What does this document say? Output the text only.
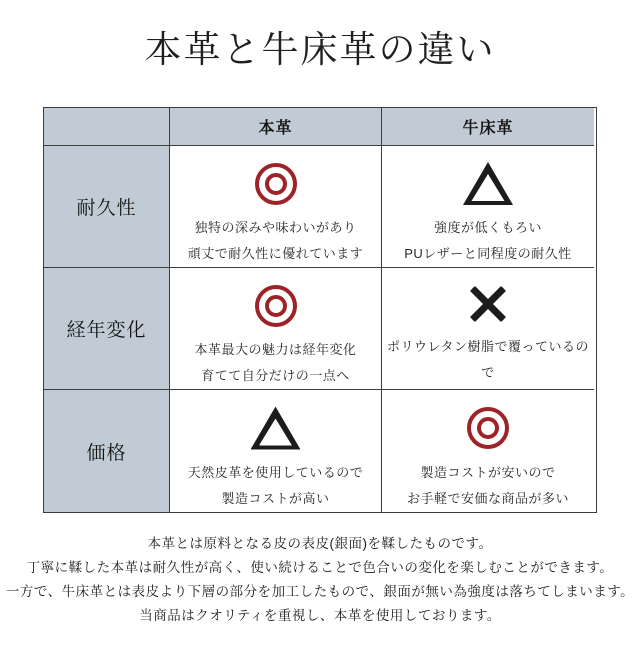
本革と牛床革の違い
本革	牛床革
耐久性
独特の深みや味わいがあり
頑丈で耐久性に優れています
強度が低くもろい
PUレザーと同程度の耐久性
経年変化
本革最大の魅力は経年変化
育てて自分だけの一点へ
ポリウレタン樹脂で覆っているので
価格
天然皮革を使用しているので
製造コストが高い
製造コストが安いので
お手軽で安価な商品が多い

本革とは原料となる皮の表皮(銀面)を鞣したものです。

丁寧に鞣した本革は耐久性が高く、使い続けることで色合いの変化を楽しむことができます。

一方で、牛床革とは表皮より下層の部分を加工したもので、銀面が無い為強度は落ちてしまいます。

当商品はクオリティを重視し、本革を使用しております。
